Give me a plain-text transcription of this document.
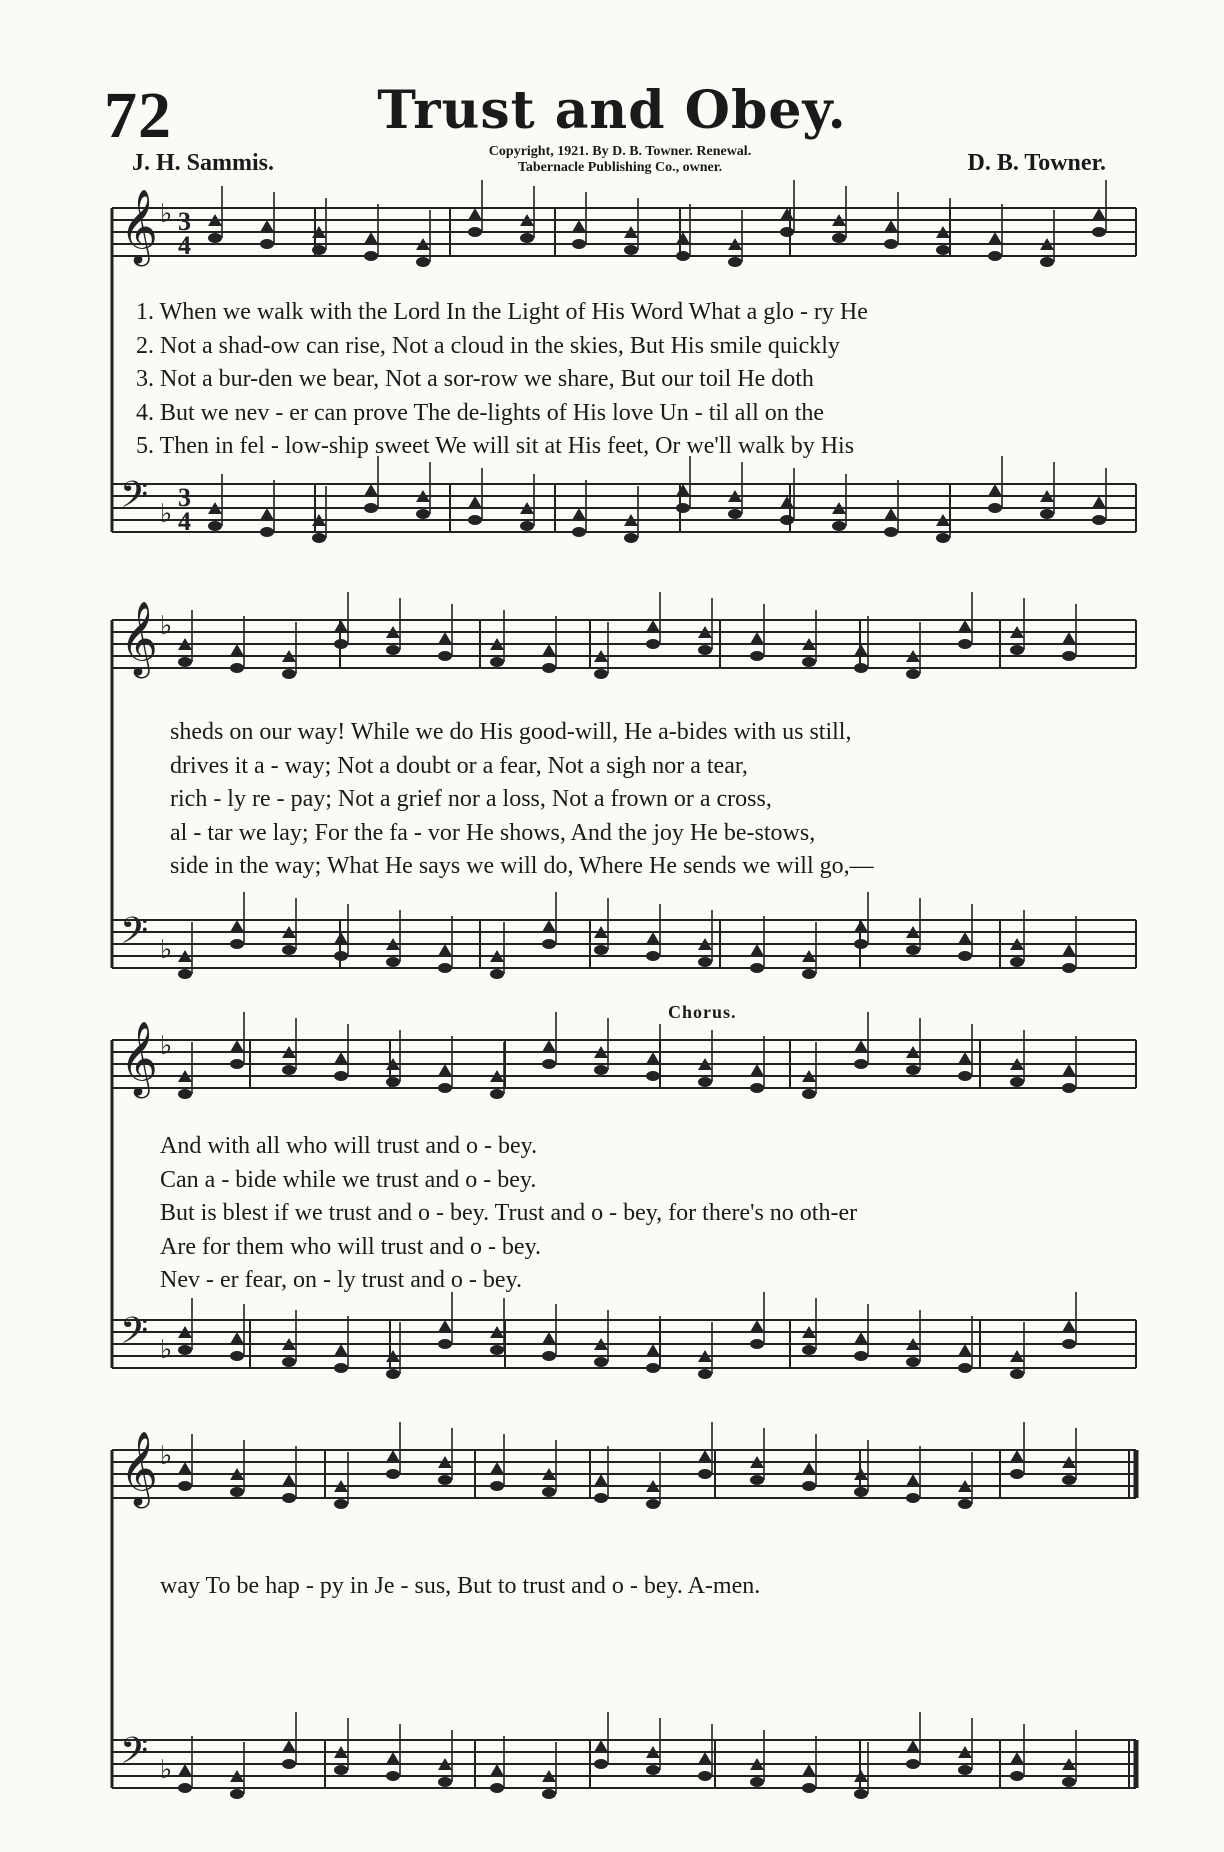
72	Trust and Obey.
J. H. Sammis.	Copyright, 1921. By D. B. Towner. Renewal.
Tabernacle Publishing Co., owner.	D. B. Towner.
𝄞
𝄢
♭
♭
3
4
3
4
𝄞
𝄢
♭
♭
𝄞
𝄢
♭
♭
𝄞
𝄢
♭
♭
1. When we walk with the Lord In the Light of His Word What a glo - ry He
2. Not a shad-ow can rise, Not a cloud in the skies, But His smile quickly
3. Not a bur-den we bear, Not a sor-row we share, But our toil He doth
4. But we nev - er can prove The de-lights of His love Un - til all on the
5. Then in fel - low-ship sweet We will sit at His feet, Or we'll walk by His
sheds on our way! While we do His good-will, He a-bides with us still,
drives it a - way; Not a doubt or a fear, Not a sigh nor a tear,
rich - ly re - pay; Not a grief nor a loss, Not a frown or a cross,
al - tar we lay; For the fa - vor He shows, And the joy He be-stows,
side in the way; What He says we will do, Where He sends we will go,—
Chorus.
And with all who will trust and o - bey.
Can a - bide while we trust and o - bey.
But is blest if we trust and o - bey. Trust and o - bey, for there's no oth-er
Are for them who will trust and o - bey.
Nev - er fear, on - ly trust and o - bey.
way To be hap - py in Je - sus, But to trust and o - bey. A-men.
